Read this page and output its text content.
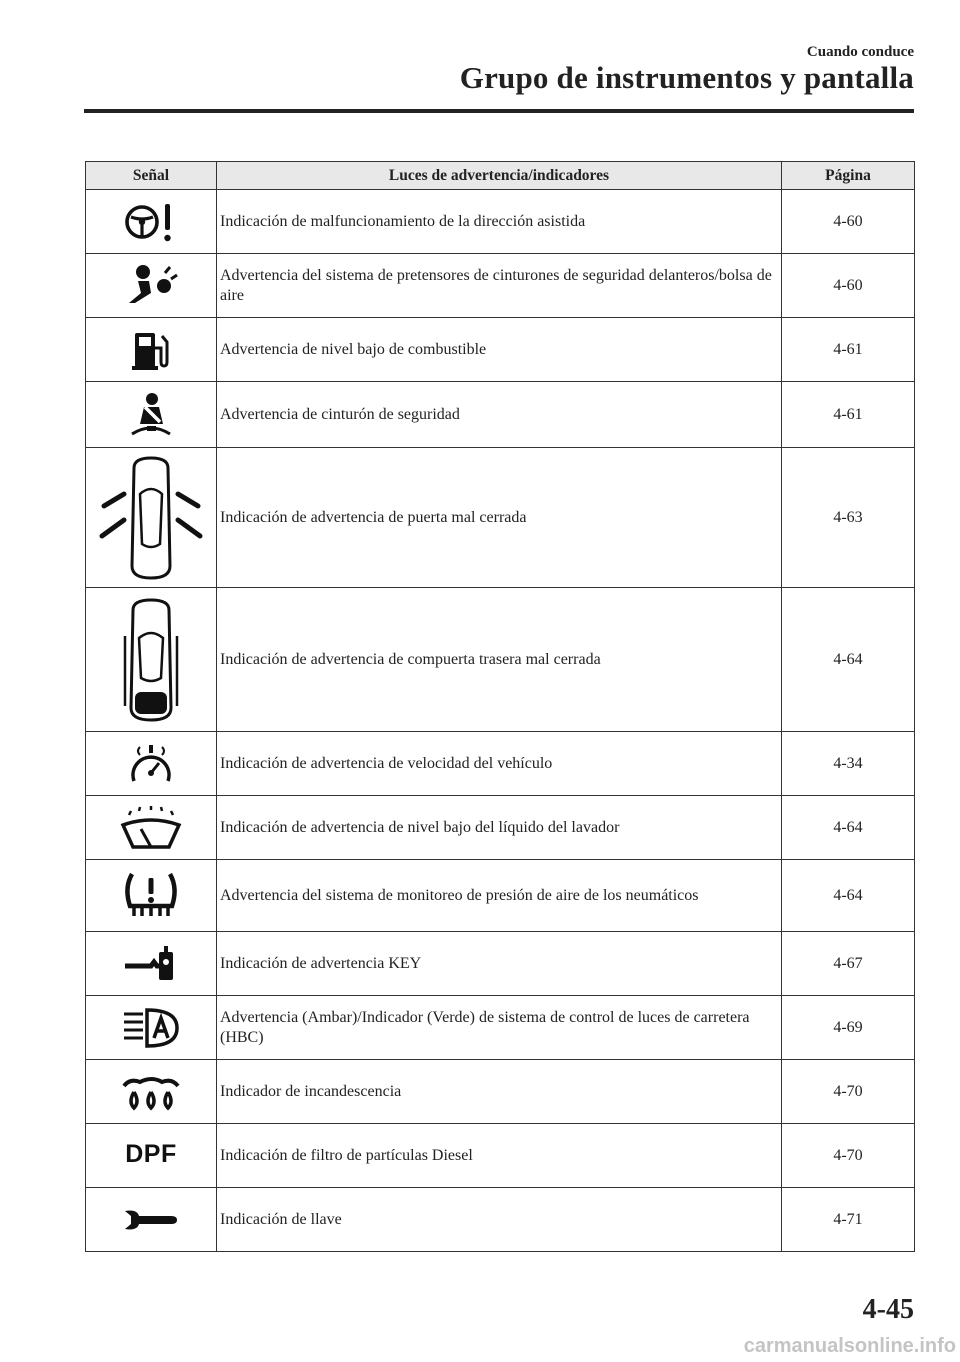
Cuando conduce
Grupo de instrumentos y pantalla
Señal	Luces de advertencia/indicadores	Página

	Indicación de malfuncionamiento de la dirección asistida	4-60

	Advertencia del sistema de pretensores de cinturones de seguridad delanteros/bolsa de aire	4-60

	Advertencia de nivel bajo de combustible	4-61

	Advertencia de cinturón de seguridad	4-61

	Indicación de advertencia de puerta mal cerrada	4-63

	Indicación de advertencia de compuerta trasera mal cerrada	4-64

	Indicación de advertencia de velocidad del vehículo	4-34

	Indicación de advertencia de nivel bajo del líquido del lavador	4-64

	Advertencia del sistema de monitoreo de presión de aire de los neumáticos	4-64

	Indicación de advertencia KEY	4-67

	Advertencia (Ambar)/Indicador (Verde) de sistema de control de luces de carretera (HBC)	4-69

	Indicador de incandescencia	4-70
DPF	Indicación de filtro de partículas Diesel	4-70

	Indicación de llave	4-71
4-45
carmanualsonline.info
